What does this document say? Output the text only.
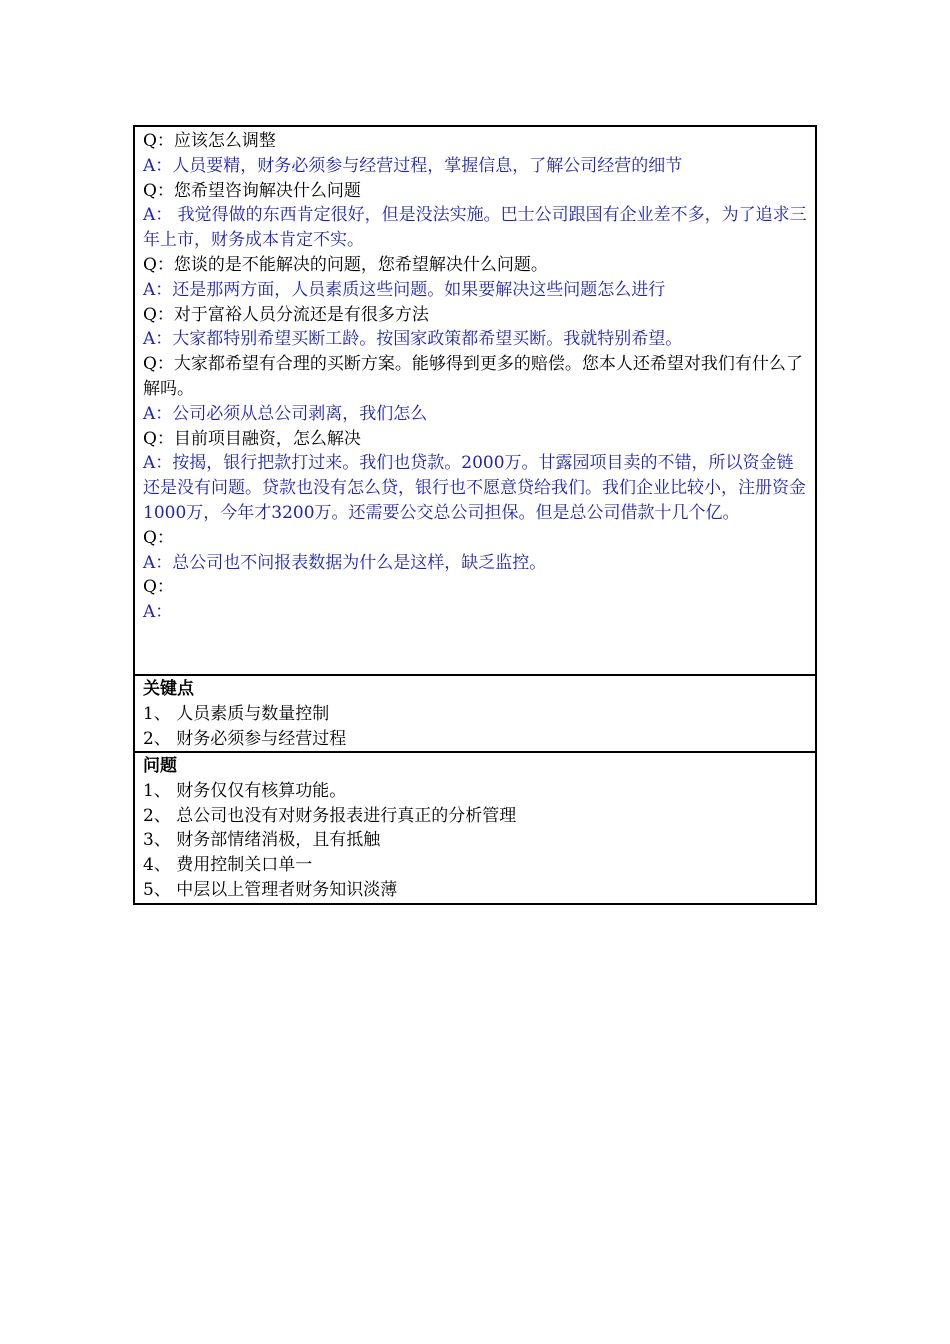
Q：应该怎么调整
A：人员要精，财务必须参与经营过程，掌握信息，了解公司经营的细节
Q：您希望咨询解决什么问题
A： 我觉得做的东西肯定很好，但是没法实施。巴士公司跟国有企业差不多，为了追求三年上市，财务成本肯定不实。
Q：您谈的是不能解决的问题，您希望解决什么问题。
A：还是那两方面，人员素质这些问题。如果要解决这些问题怎么进行
Q：对于富裕人员分流还是有很多方法
A：大家都特别希望买断工龄。按国家政策都希望买断。我就特别希望。
Q：大家都希望有合理的买断方案。能够得到更多的赔偿。您本人还希望对我们有什么了解吗。
A：公司必须从总公司剥离，我们怎么
Q：目前项目融资，怎么解决
A：按揭，银行把款打过来。我们也贷款。2000万。甘露园项目卖的不错，所以资金链还是没有问题。贷款也没有怎么贷，银行也不愿意贷给我们。我们企业比较小，注册资金1000万，今年才3200万。还需要公交总公司担保。但是总公司借款十几个亿。
Q：
A：总公司也不问报表数据为什么是这样，缺乏监控。
Q：
A：
关键点
1、 人员素质与数量控制
2、 财务必须参与经营过程
问题
1、 财务仅仅有核算功能。
2、 总公司也没有对财务报表进行真正的分析管理
3、 财务部情绪消极，且有抵触
4、 费用控制关口单一
5、 中层以上管理者财务知识淡薄
